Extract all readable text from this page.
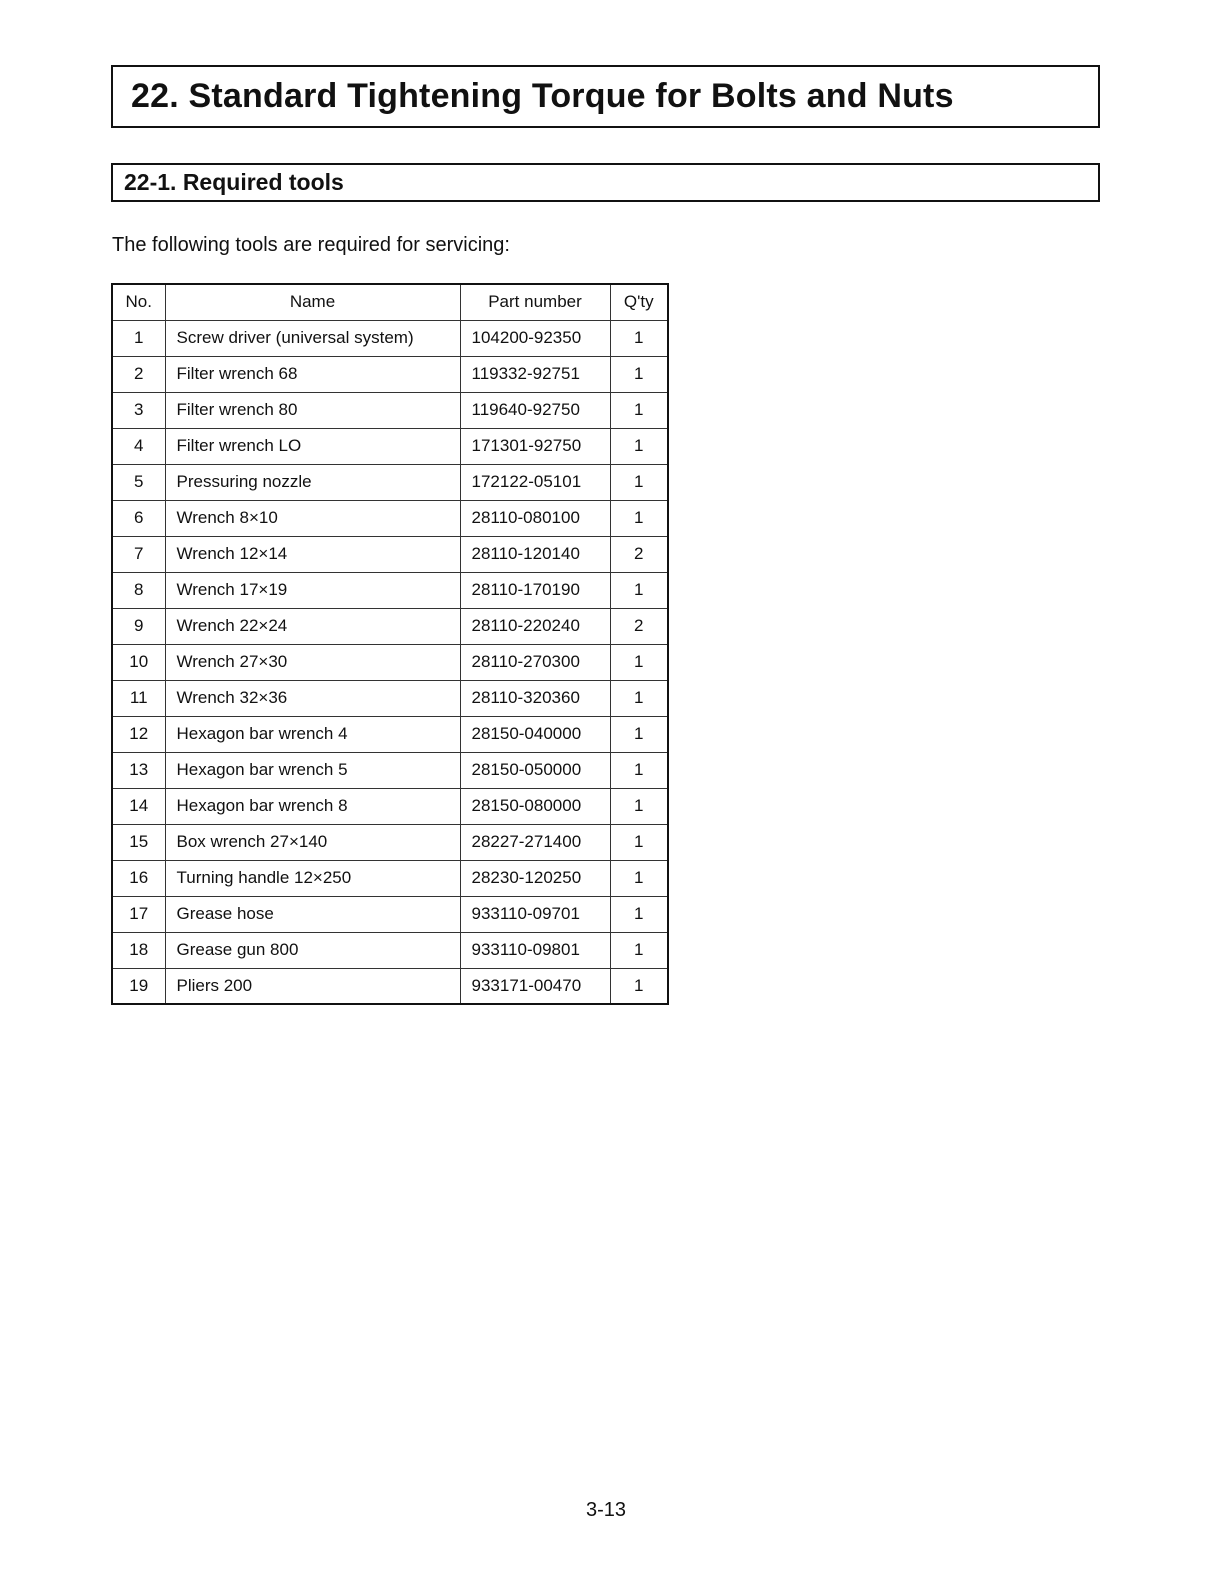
22. Standard Tightening Torque for Bolts and Nuts
22-1. Required tools

The following tools are required for servicing:

No.	Name	Part number	Q'ty
1	Screw driver (universal system)	104200-92350	1
2	Filter wrench 68	119332-92751	1
3	Filter wrench 80	119640-92750	1
4	Filter wrench LO	171301-92750	1
5	Pressuring nozzle	172122-05101	1
6	Wrench 8×10	28110-080100	1
7	Wrench 12×14	28110-120140	2
8	Wrench 17×19	28110-170190	1
9	Wrench 22×24	28110-220240	2
10	Wrench 27×30	28110-270300	1
11	Wrench 32×36	28110-320360	1
12	Hexagon bar wrench 4	28150-040000	1
13	Hexagon bar wrench 5	28150-050000	1
14	Hexagon bar wrench 8	28150-080000	1
15	Box wrench 27×140	28227-271400	1
16	Turning handle 12×250	28230-120250	1
17	Grease hose	933110-09701	1
18	Grease gun 800	933110-09801	1
19	Pliers 200	933171-00470	1

3-13
